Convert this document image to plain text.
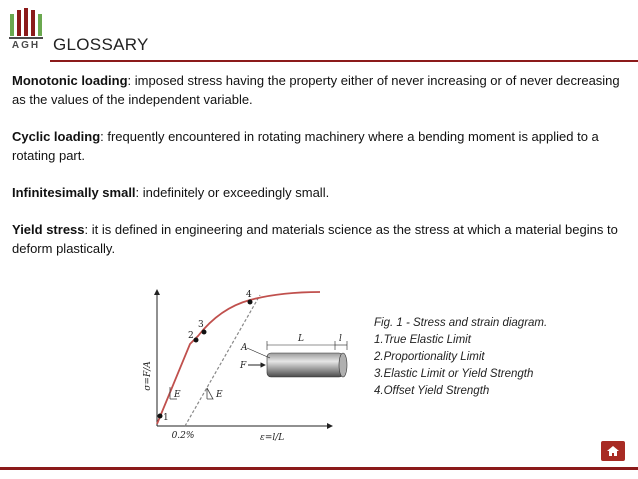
AGH GLOSSARY
Monotonic loading: imposed stress having the property either of never increasing or of never decreasing as the values of the independent variable.
Cyclic loading: frequently encountered in rotating machinery where a bending moment is applied to a rotating part.
Infinitesimally small: indefinitely or exceedingly small.
Yield stress: it is defined in engineering and materials science as the stress at which a material begins to deform plastically.
σ=F/A
ε=l/L
0.2%
E	E
1
2
3
4
A
F
L	l
Fig. 1 - Stress and strain diagram.
1.True Elastic Limit
2.Proportionality Limit
3.Elastic Limit or Yield Strength
4.Offset Yield Strength
